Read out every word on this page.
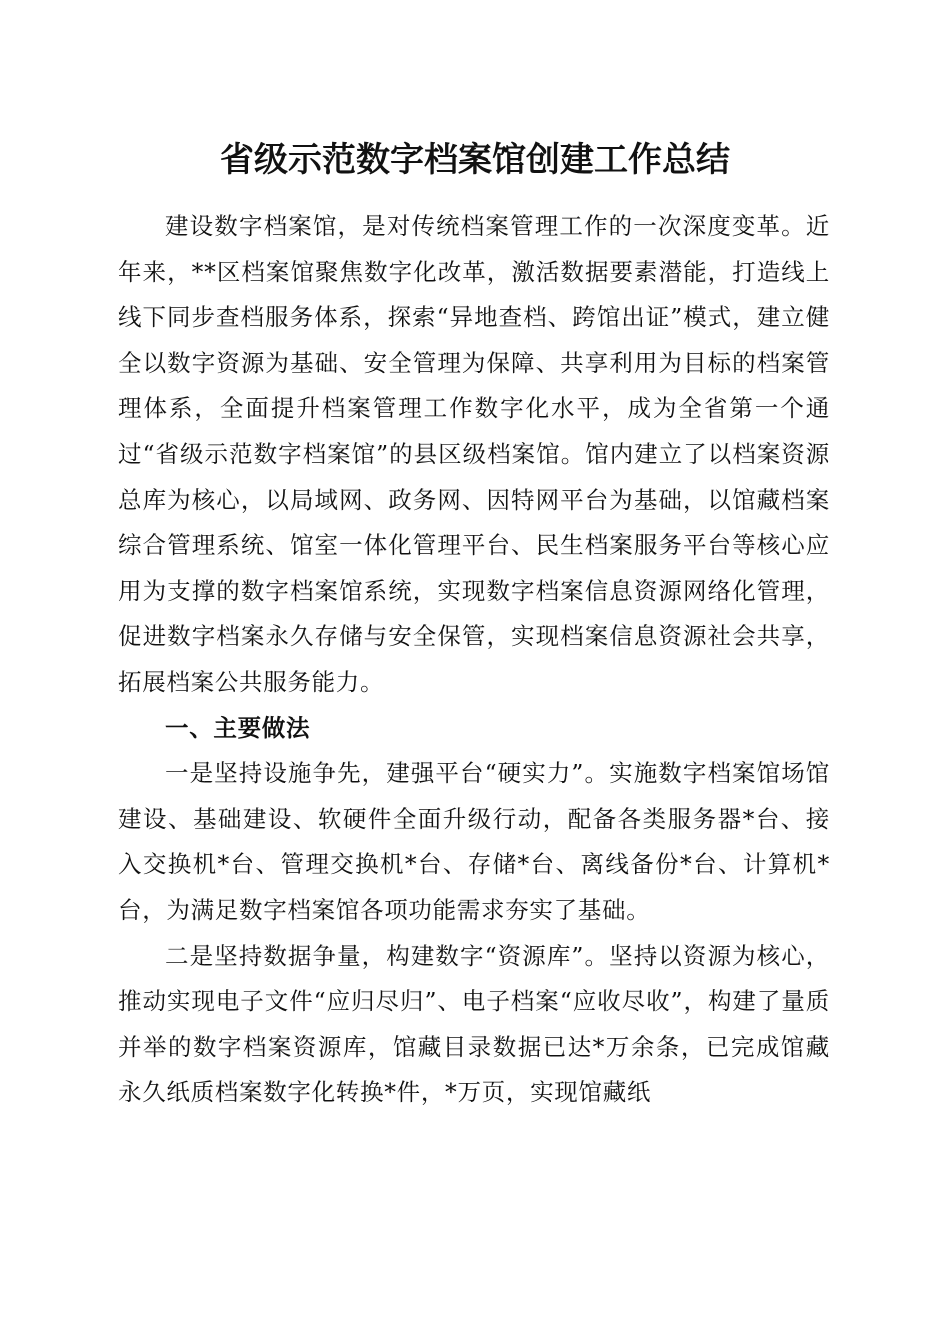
省级示范数字档案馆创建工作总结

建设数字档案馆，是对传统档案管理工作的一次深度变革。近年来，**区档案馆聚焦数字化改革，激活数据要素潜能，打造线上线下同步查档服务体系，探索“异地查档、跨馆出证”模式，建立健全以数字资源为基础、安全管理为保障、共享利用为目标的档案管理体系，全面提升档案管理工作数字化水平，成为全省第一个通过“省级示范数字档案馆”的县区级档案馆。馆内建立了以档案资源总库为核心，以局域网、政务网、因特网平台为基础，以馆藏档案综合管理系统、馆室一体化管理平台、民生档案服务平台等核心应用为支撑的数字档案馆系统，实现数字档案信息资源网络化管理，促进数字档案永久存储与安全保管，实现档案信息资源社会共享，拓展档案公共服务能力。

一、主要做法

一是坚持设施争先，建强平台“硬实力”。实施数字档案馆场馆建设、基础建设、软硬件全面升级行动，配备各类服务器*台、接入交换机*台、管理交换机*台、存储*台、离线备份*台、计算机*台，为满足数字档案馆各项功能需求夯实了基础。

二是坚持数据争量，构建数字“资源库”。坚持以资源为核心，推动实现电子文件“应归尽归”、电子档案“应收尽收”，构建了量质并举的数字档案资源库，馆藏目录数据已达*万余条，已完成馆藏永久纸质档案数字化转换*件，*万页，实现馆藏纸
